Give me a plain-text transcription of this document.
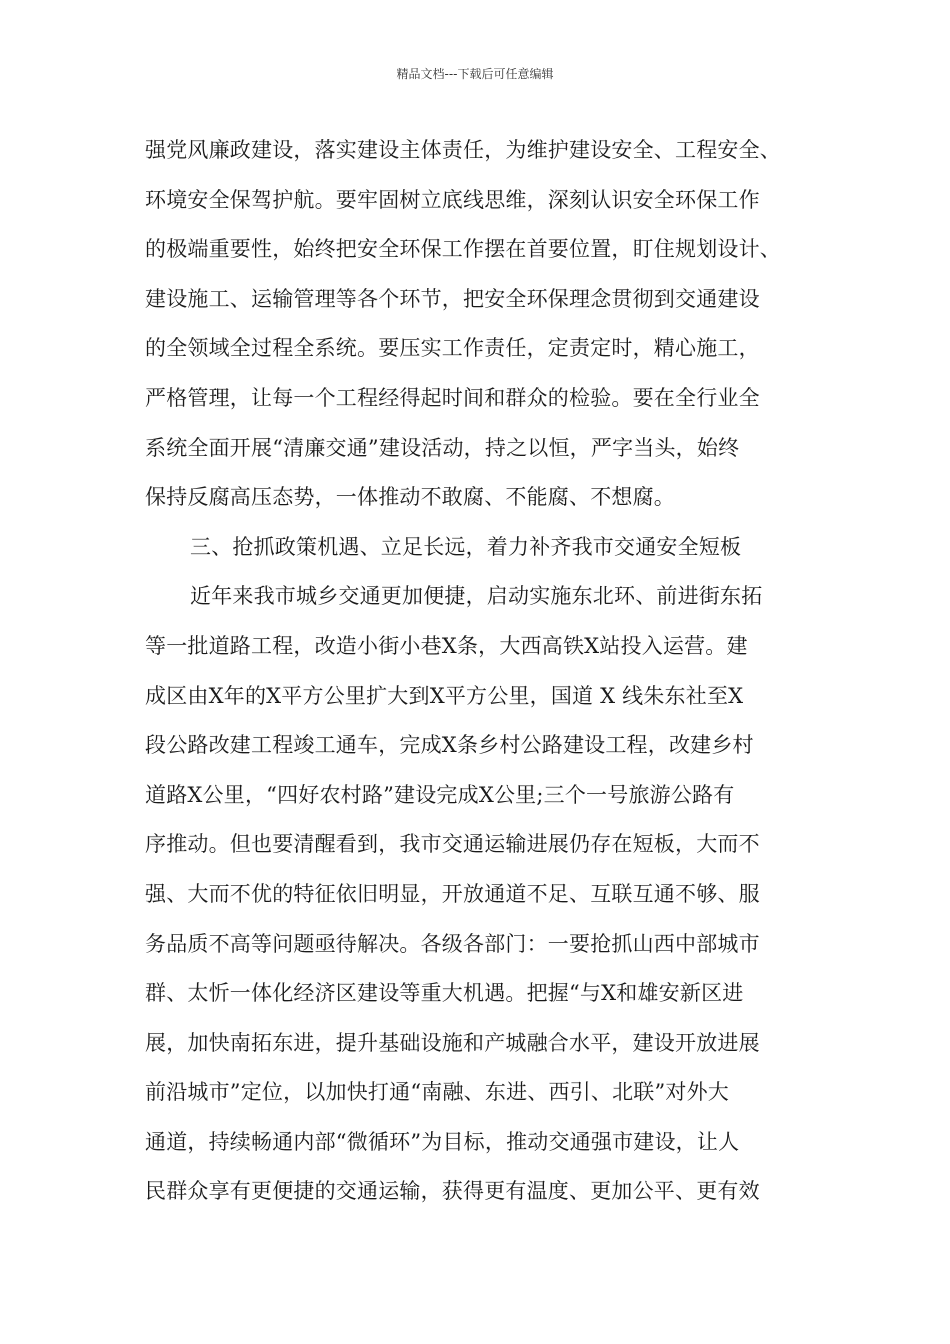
精品文档---下载后可任意编辑
强党风廉政建设，落实建设主体责任，为维护建设安全、工程安全、
环境安全保驾护航。要牢固树立底线思维，深刻认识安全环保工作
的极端重要性，始终把安全环保工作摆在首要位置，盯住规划设计、
建设施工、运输管理等各个环节，把安全环保理念贯彻到交通建设
的全领域全过程全系统。要压实工作责任，定责定时，精心施工，
严格管理，让每一个工程经得起时间和群众的检验。要在全行业全
系统全面开展“清廉交通”建设活动，持之以恒，严字当头，始终
保持反腐高压态势，一体推动不敢腐、不能腐、不想腐。
三、抢抓政策机遇、立足长远，着力补齐我市交通安全短板
近年来我市城乡交通更加便捷，启动实施东北环、前进街东拓
等一批道路工程，改造小街小巷X条，大西高铁X站投入运营。建
成区由X年的X平方公里扩大到X平方公里，国道 X 线朱东社至X
段公路改建工程竣工通车，完成X条乡村公路建设工程，改建乡村
道路X公里，“四好农村路”建设完成X公里;三个一号旅游公路有
序推动。但也要清醒看到，我市交通运输进展仍存在短板，大而不
强、大而不优的特征依旧明显，开放通道不足、互联互通不够、服
务品质不高等问题亟待解决。各级各部门：一要抢抓山西中部城市
群、太忻一体化经济区建设等重大机遇。把握“与X和雄安新区进
展，加快南拓东进，提升基础设施和产城融合水平，建设开放进展
前沿城市”定位，以加快打通“南融、东进、西引、北联”对外大
通道，持续畅通内部“微循环”为目标，推动交通强市建设，让人
民群众享有更便捷的交通运输，获得更有温度、更加公平、更有效
